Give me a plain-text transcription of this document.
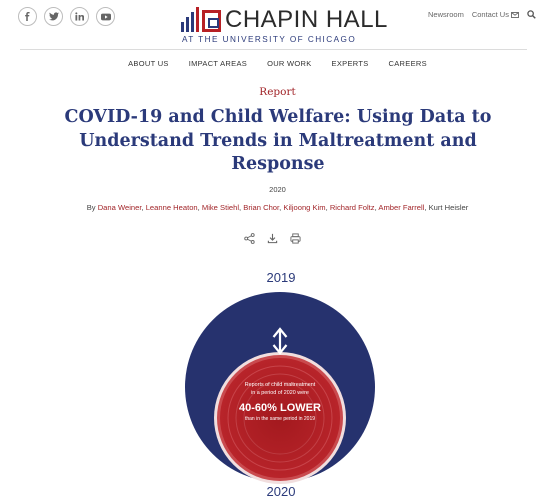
CHAPIN HALL
AT THE UNIVERSITY OF CHICAGO
Newsroom Contact Us
ABOUT US	IMPACT AREAS	OUR WORK	EXPERTS	CAREERS
Report
COVID-19 and Child Welfare: Using Data to Understand Trends in Maltreatment and Response
2020
By Dana Weiner, Leanne Heaton, Mike Stiehl, Brian Chor, Kiljoong Kim, Richard Foltz, Amber Farrell, Kurt Heisler
2019
Reports of child maltreatment
in a period of 2020 were
40-60% LOWER
than in the same period in 2019
2020
